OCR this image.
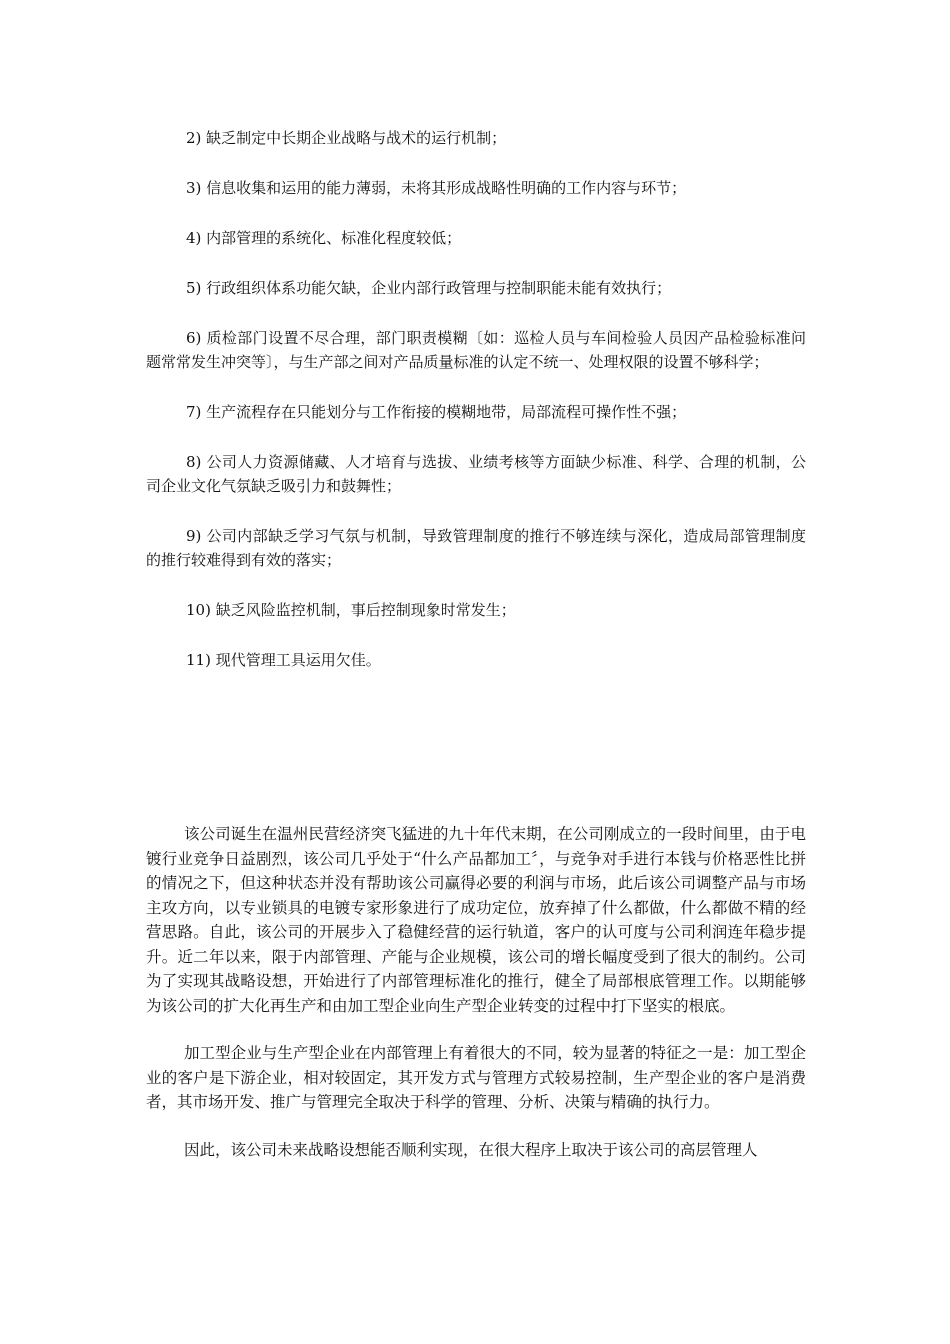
2) 缺乏制定中长期企业战略与战术的运行机制；

3) 信息收集和运用的能力薄弱，未将其形成战略性明确的工作内容与环节；

4) 内部管理的系统化、标准化程度较低；

5) 行政组织体系功能欠缺，企业内部行政管理与控制职能未能有效执行；

6) 质检部门设置不尽合理，部门职责模糊〔如：巡检人员与车间检验人员因产品检验标准问题常常发生冲突等〕，与生产部之间对产品质量标准的认定不统一、处理权限的设置不够科学；

7) 生产流程存在只能划分与工作衔接的模糊地带，局部流程可操作性不强；

8) 公司人力资源储藏、人才培育与选拔、业绩考核等方面缺少标准、科学、合理的机制，公司企业文化气氛缺乏吸引力和鼓舞性；

9) 公司内部缺乏学习气氛与机制，导致管理制度的推行不够连续与深化，造成局部管理制度的推行较难得到有效的落实；

10) 缺乏风险监控机制，事后控制现象时常发生；

11) 现代管理工具运用欠佳。

该公司诞生在温州民营经济突飞猛进的九十年代末期，在公司刚成立的一段时间里，由于电镀行业竞争日益剧烈，该公司几乎处于“什么产品都加工〞，与竞争对手进行本钱与价格恶性比拼的情况之下，但这种状态并没有帮助该公司赢得必要的利润与市场，此后该公司调整产品与市场主攻方向，以专业锁具的电镀专家形象进行了成功定位，放弃掉了什么都做，什么都做不精的经营思路。自此，该公司的开展步入了稳健经营的运行轨道，客户的认可度与公司利润连年稳步提升。近二年以来，限于内部管理、产能与企业规模，该公司的增长幅度受到了很大的制约。公司为了实现其战略设想，开始进行了内部管理标准化的推行，健全了局部根底管理工作。以期能够为该公司的扩大化再生产和由加工型企业向生产型企业转变的过程中打下坚实的根底。

加工型企业与生产型企业在内部管理上有着很大的不同，较为显著的特征之一是：加工型企业的客户是下游企业，相对较固定，其开发方式与管理方式较易控制，生产型企业的客户是消费者，其市场开发、推广与管理完全取决于科学的管理、分析、决策与精确的执行力。

因此，该公司未来战略设想能否顺利实现，在很大程序上取决于该公司的高层管理人
